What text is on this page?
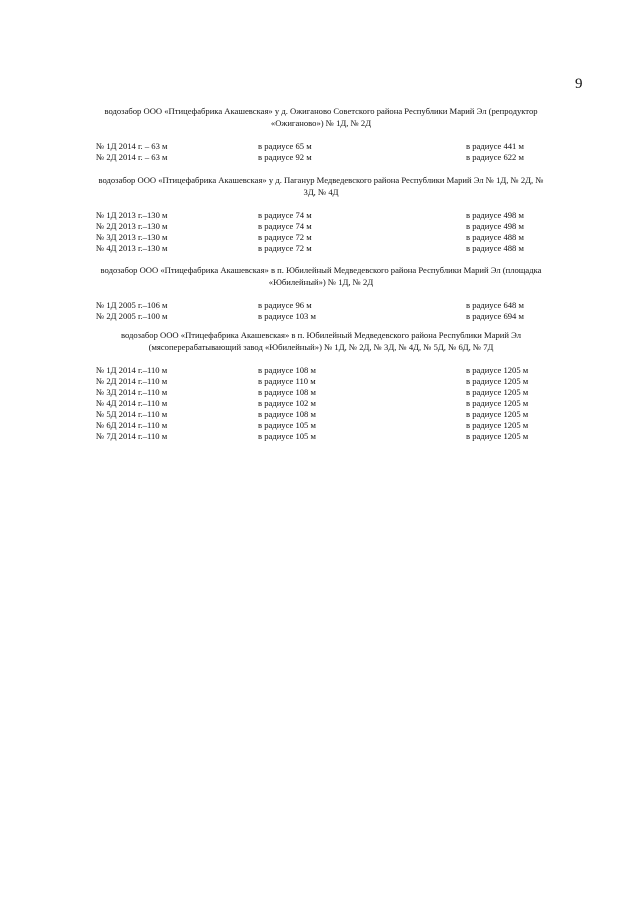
9

водозабор ООО «Птицефабрика Акашевская» у д. Ожиганово Советского района Республики Марий Эл (репродуктор «Ожиганово») № 1Д, № 2Д

№ 1Д 2014 г. – 63 м	в радиусе 65 м	в радиусе 441 м
№ 2Д 2014 г. – 63 м	в радиусе 92 м	в радиусе 622 м

водозабор ООО «Птицефабрика Акашевская» у д. Пагануp Медведевского района Республики Марий Эл № 1Д, № 2Д, № 3Д, № 4Д

№ 1Д 2013 г.–130 м	в радиусе 74 м	в радиусе 498 м
№ 2Д 2013 г.–130 м	в радиусе 74 м	в радиусе 498 м
№ 3Д 2013 г.–130 м	в радиусе 72 м	в радиусе 488 м
№ 4Д 2013 г.–130 м	в радиусе 72 м	в радиусе 488 м

водозабор ООО «Птицефабрика Акашевская» в п. Юбилейный Медведевского района Республики Марий Эл (площадка «Юбилейный») № 1Д, № 2Д

№ 1Д 2005 г.–106 м	в радиусе 96 м	в радиусе 648 м
№ 2Д 2005 г.–100 м	в радиусе 103 м	в радиусе 694 м

водозабор ООО «Птицефабрика Акашевская» в п. Юбилейный Медведевского района Республики Марий Эл (мясоперерабатывающий завод «Юбилейный») № 1Д, № 2Д, № 3Д, № 4Д, № 5Д, № 6Д, № 7Д

№ 1Д 2014 г.–110 м	в радиусе 108 м	в радиусе 1205 м
№ 2Д 2014 г.–110 м	в радиусе 110 м	в радиусе 1205 м
№ 3Д 2014 г.–110 м	в радиусе 108 м	в радиусе 1205 м
№ 4Д 2014 г.–110 м	в радиусе 102 м	в радиусе 1205 м
№ 5Д 2014 г.–110 м	в радиусе 108 м	в радиусе 1205 м
№ 6Д 2014 г.–110 м	в радиусе 105 м	в радиусе 1205 м
№ 7Д 2014 г.–110 м	в радиусе 105 м	в радиусе 1205 м
